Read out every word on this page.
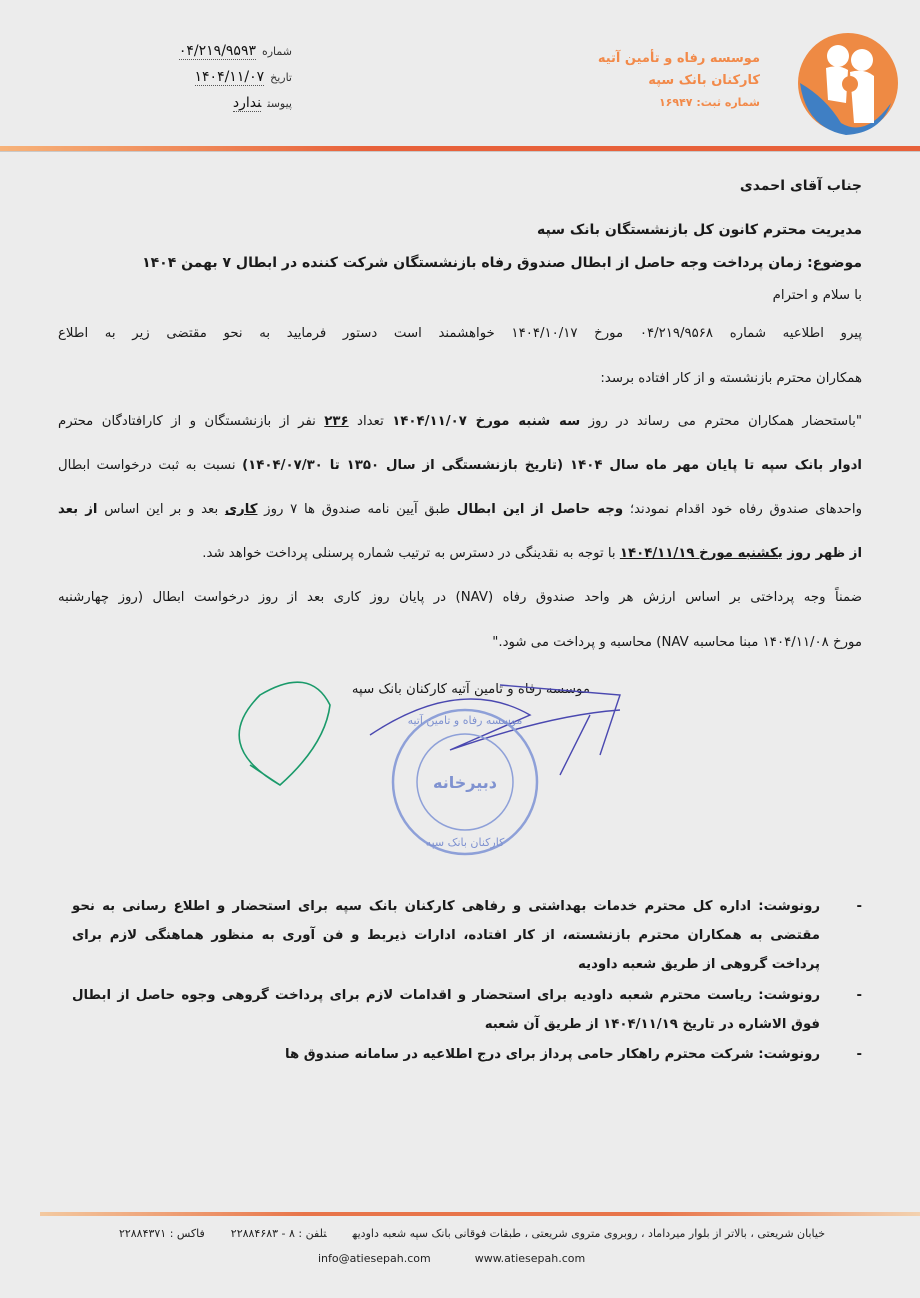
موسسه رفاه و تأمین آتیه
کارکنان بانک سپه
شماره ثبت: ۱۶۹۴۷
شماره۰۴/۲۱۹/۹۵۹۳
تاریخ۱۴۰۴/۱۱/۰۷
پیوستندارد
جناب آقای احمدی
مدیریت محترم کانون کل بازنشستگان بانک سپه
موضوع: زمان پرداخت وجه حاصل از ابطال صندوق رفاه بازنشستگان شرکت کننده در ابطال ۷ بهمن ۱۴۰۴
با سلام و احترام
پیرو اطلاعیه شماره ۰۴/۲۱۹/۹۵۶۸ مورخ ۱۴۰۴/۱۰/۱۷ خواهشمند است دستور فرمایید به نحو مقتضی زیر به اطلاع
همکاران محترم بازنشسته و از کار افتاده برسد:
"باستحضار همکاران محترم می رساند در روز سه شنبه مورخ ۱۴۰۴/۱۱/۰۷ تعداد ۲۳۶ نفر از بازنشستگان و از کارافتادگان محترم
ادوار بانک سپه تا پایان مهر ماه سال ۱۴۰۴ (تاریخ بازنشستگی از سال ۱۳۵۰ تا ۱۴۰۴/۰۷/۳۰) نسبت به ثبت درخواست ابطال
واحدهای صندوق رفاه خود اقدام نمودند؛ وجه حاصل از این ابطال طبق آیین نامه صندوق ها ۷ روز کاری بعد و بر این اساس از بعد
از ظهر روز یکشنبه مورخ ۱۴۰۴/۱۱/۱۹ با توجه به نقدینگی در دسترس به ترتیب شماره پرسنلی پرداخت خواهد شد.
ضمناً وجه پرداختی بر اساس ارزش هر واحد صندوق رفاه (NAV) در پایان روز کاری بعد از روز درخواست ابطال (روز چهارشنبه
مورخ ۱۴۰۴/۱۱/۰۸ مبنا محاسبه NAV) محاسبه و پرداخت می شود."
موسسه رفاه و تامین آتیه کارکنان بانک سپه
موسسه رفاه و تامین آتیه
دبیرخانه
کارکنان بانک سپه
-
رونوشت: اداره کل محترم خدمات بهداشتی و رفاهی کارکنان بانک سپه برای استحضار و اطلاع رسانی به نحو مقتضی به همکاران محترم بازنشسته، از کار افتاده، ادارات ذیربط و فن آوری به منظور هماهنگی لازم برای پرداخت گروهی از طریق شعبه داودیه
-
رونوشت: ریاست محترم شعبه داودیه برای استحضار و اقدامات لازم برای پرداخت گروهی وجوه حاصل از ابطال فوق الاشاره در تاریخ ۱۴۰۴/۱۱/۱۹ از طریق آن شعبه
-
رونوشت: شرکت محترم راهکار حامی پرداز برای درج اطلاعیه در سامانه صندوق ها
خیابان شریعتی ، بالاتر از بلوار میرداماد ، روبروی متروی شریعتی ، طبقات فوقانی بانک سپه شعبه داودیهتلفن : ۸ - ۲۲۸۸۴۶۸۳فاکس : ۲۲۸۸۴۳۷۱
info@atiesepah.com	www.atiesepah.com
